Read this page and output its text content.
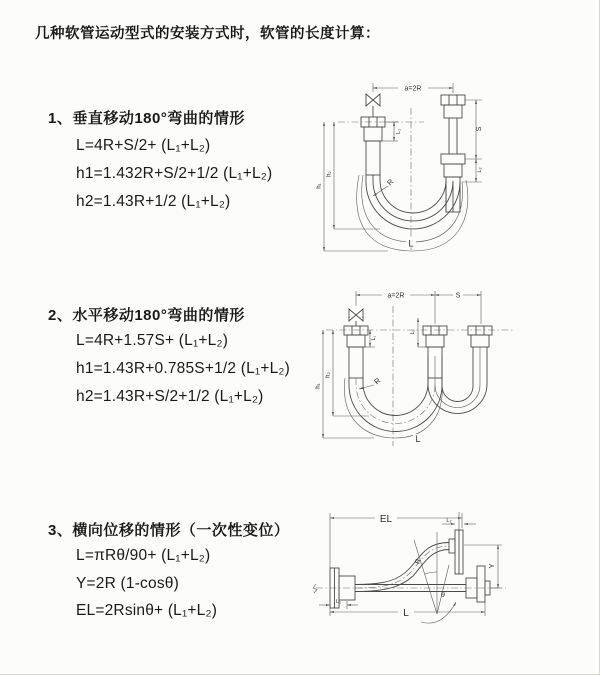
几种软管运动型式的安装方式时，软管的长度计算：
1、垂直移动180°弯曲的情形
L=4R+S/2+ (L₁+L₂)
h1=1.432R+S/2+1/2 (L₁+L₂)
h2=1.43R+1/2 (L₁+L₂)
2、水平移动180°弯曲的情形
L=4R+1.57S+ (L₁+L₂)
h1=1.43R+0.785S+1/2 (L₁+L₂)
h2=1.43R+S/2+1/2 (L₁+L₂)
3、横向位移的情形（一次性变位）
L=πRθ/90+ (L₁+L₂)
Y=2R (1-cosθ)
EL=2Rsinθ+ (L₁+L₂)
a=2R
R
L₁
S
L₂
h₁
h₂
L
a=2R	S
R
L₁
L₂
h₁
h₂
L
EL	L₂
θ
R
Y
L₁
L
